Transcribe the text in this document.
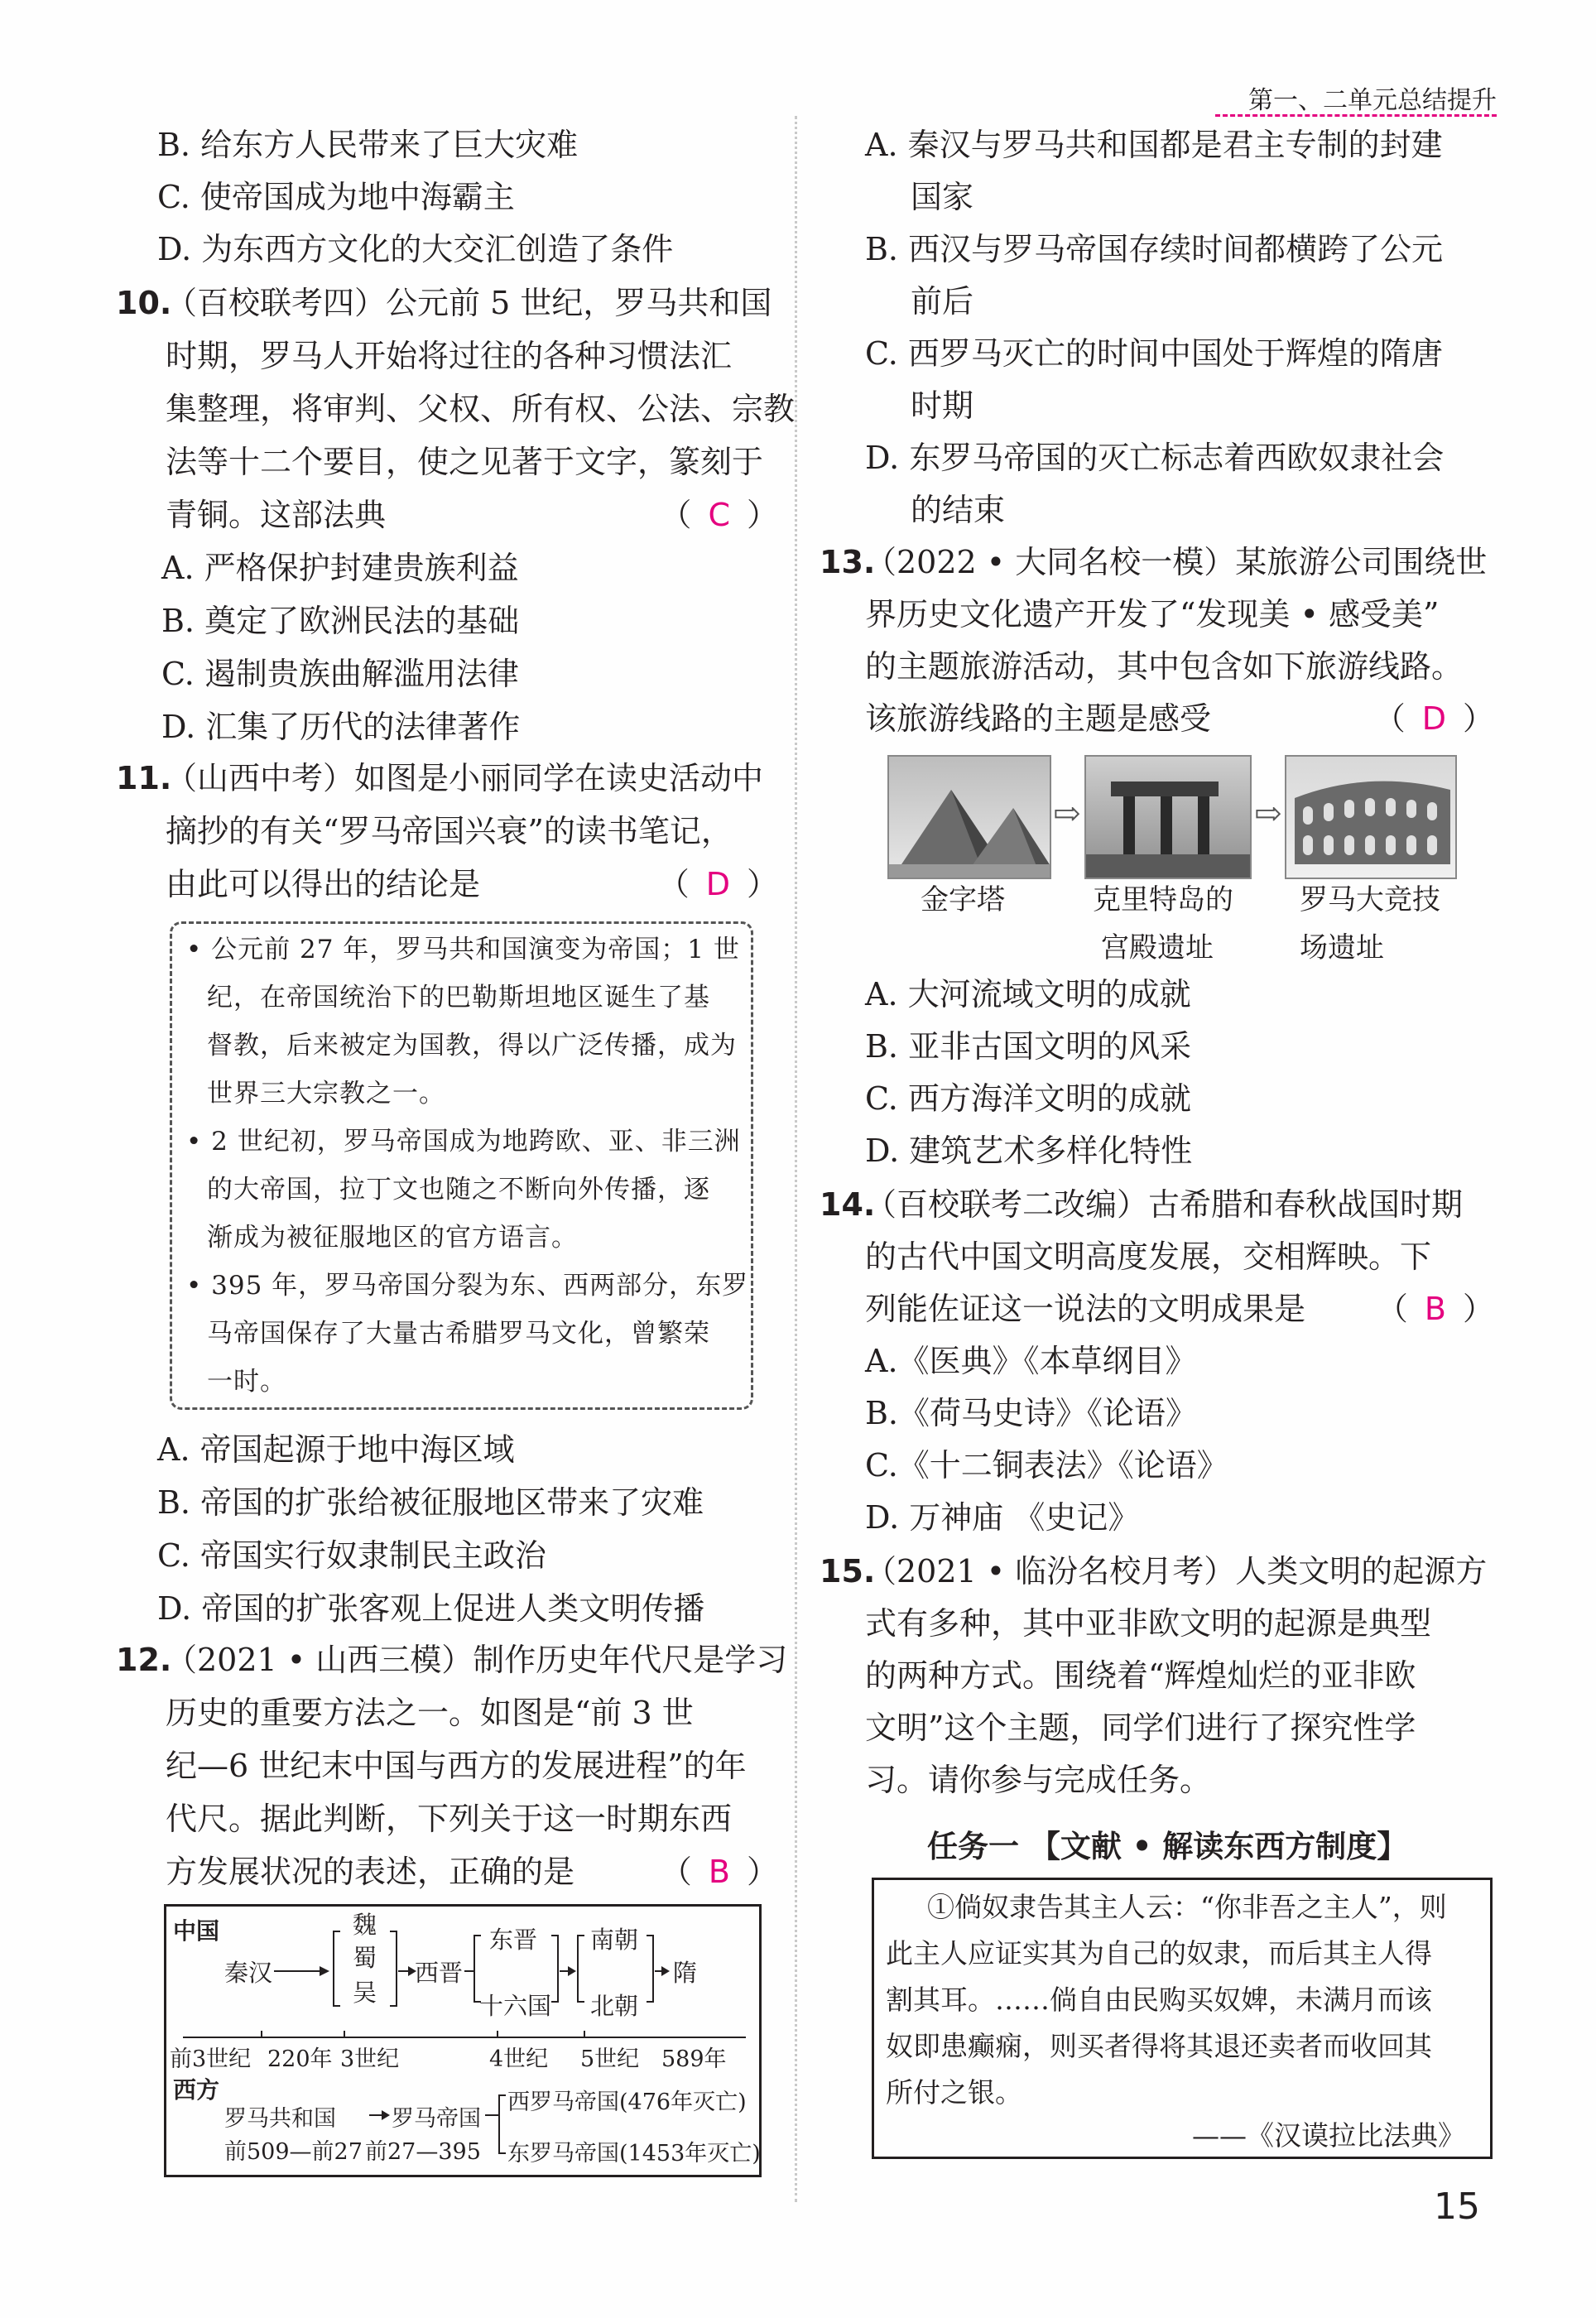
第一、二单元总结提升
B. 给东方人民带来了巨大灾难
C. 使帝国成为地中海霸主
D. 为东西方文化的大交汇创造了条件
10.
（百校联考四）公元前 5 世纪，罗马共和国
时期，罗马人开始将过往的各种习惯法汇
集整理，将审判、父权、所有权、公法、宗教
法等十二个要目，使之见著于文字，篆刻于
青铜。这部法典	（ C ）
A. 严格保护封建贵族利益
B. 奠定了欧洲民法的基础
C. 遏制贵族曲解滥用法律
D. 汇集了历代的法律著作
11.
（山西中考）如图是小丽同学在读史活动中
摘抄的有关“罗马帝国兴衰”的读书笔记，
由此可以得出的结论是	（ D ）
• 公元前 27 年，罗马共和国演变为帝国；1 世
纪，在帝国统治下的巴勒斯坦地区诞生了基
督教，后来被定为国教，得以广泛传播，成为
世界三大宗教之一。
• 2 世纪初，罗马帝国成为地跨欧、亚、非三洲
的大帝国，拉丁文也随之不断向外传播，逐
渐成为被征服地区的官方语言。
• 395 年，罗马帝国分裂为东、西两部分，东罗
马帝国保存了大量古希腊罗马文化，曾繁荣
一时。
A. 帝国起源于地中海区域
B. 帝国的扩张给被征服地区带来了灾难
C. 帝国实行奴隶制民主政治
D. 帝国的扩张客观上促进人类文明传播
12.
（2021 • 山西三模）制作历史年代尺是学习
历史的重要方法之一。如图是“前 3 世
纪—6 世纪末中国与西方的发展进程”的年
代尺。据此判断，下列关于这一时期东西
方发展状况的表述，正确的是	（ B ）
中国
秦汉
魏
蜀
吴
西晋
东晋
十六国
南朝
北朝
隋
前3世纪 220年 3世纪	4世纪 5世纪 589年
西方
罗马共和国 罗马帝国
前509—前27 前27—395
西罗马帝国(476年灭亡)
东罗马帝国(1453年灭亡)
A. 秦汉与罗马共和国都是君主专制的封建
国家
B. 西汉与罗马帝国存续时间都横跨了公元
前后
C. 西罗马灭亡的时间中国处于辉煌的隋唐
时期
D. 东罗马帝国的灭亡标志着西欧奴隶社会
的结束
13.
（2022 • 大同名校一模）某旅游公司围绕世
界历史文化遗产开发了“发现美 • 感受美”
的主题旅游活动，其中包含如下旅游线路。
该旅游线路的主题是感受	（ D ）
⇨	⇨
金字塔	克里特岛的
宫殿遗址
罗马大竞技
场遗址
A. 大河流域文明的成就
B. 亚非古国文明的风采
C. 西方海洋文明的成就
D. 建筑艺术多样化特性
14.
（百校联考二改编）古希腊和春秋战国时期
的古代中国文明高度发展，交相辉映。下
列能佐证这一说法的文明成果是 （ B ）
A.《医典》《本草纲目》
B.《荷马史诗》《论语》
C.《十二铜表法》《论语》
D. 万神庙 《史记》
15.
（2021 • 临汾名校月考）人类文明的起源方
式有多种，其中亚非欧文明的起源是典型
的两种方式。围绕着“辉煌灿烂的亚非欧
文明”这个主题，同学们进行了探究性学
习。请你参与完成任务。
任务一 【文献 • 解读东西方制度】
①倘奴隶告其主人云：“你非吾之主人”，则
此主人应证实其为自己的奴隶，而后其主人得
割其耳。……倘自由民购买奴婢，未满月而该
奴即患癫痫，则买者得将其退还卖者而收回其
所付之银。
——《汉谟拉比法典》
15
